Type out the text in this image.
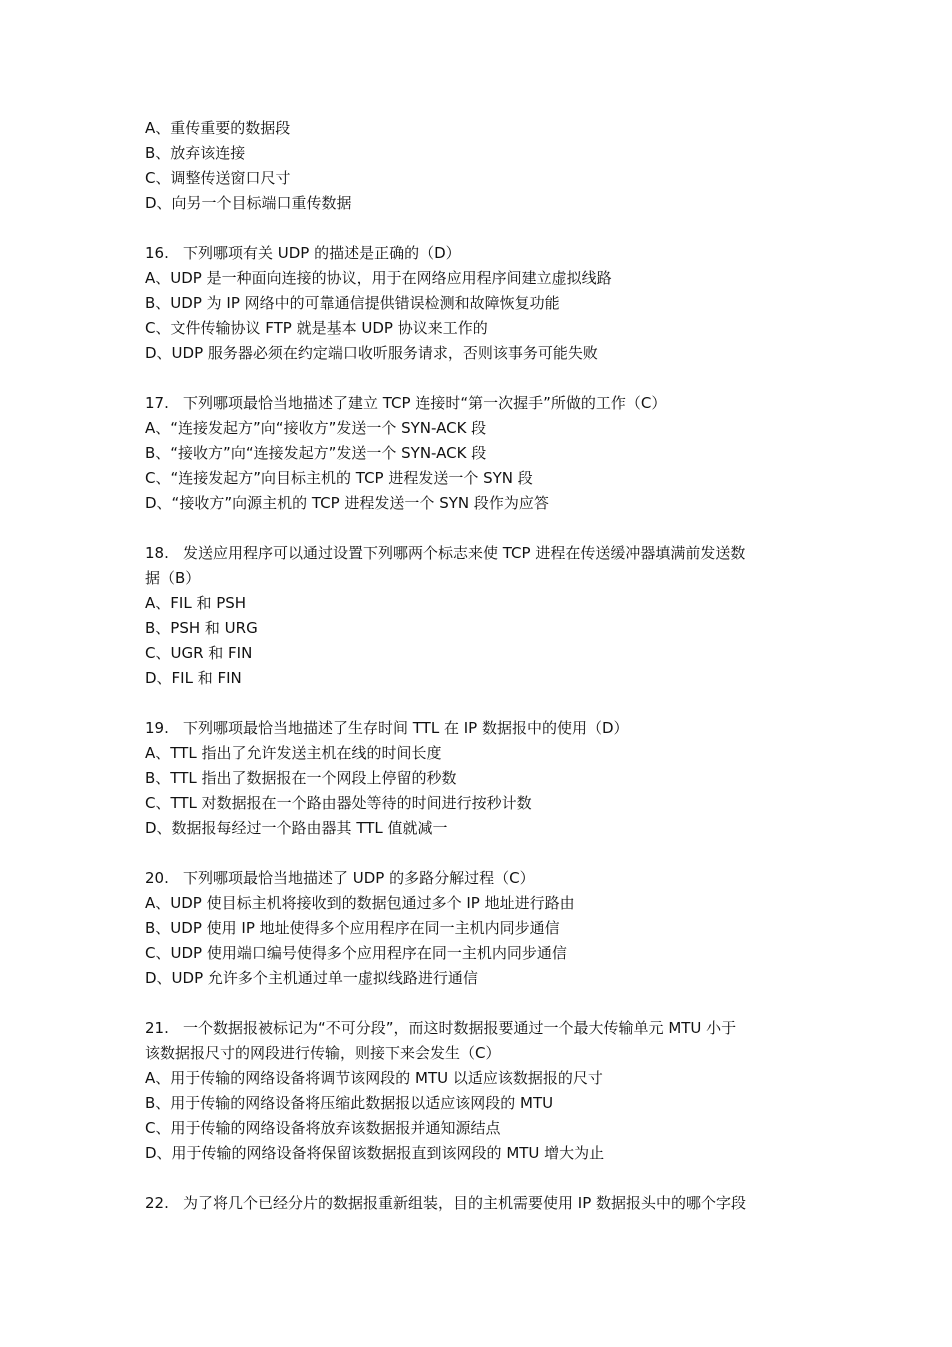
A、重传重要的数据段
B、放弃该连接
C、调整传送窗口尺寸
D、向另一个目标端口重传数据
16. 下列哪项有关 UDP 的描述是正确的（D）
A、UDP 是一种面向连接的协议，用于在网络应用程序间建立虚拟线路
B、UDP 为 IP 网络中的可靠通信提供错误检测和故障恢复功能
C、文件传输协议 FTP 就是基本 UDP 协议来工作的
D、UDP 服务器必须在约定端口收听服务请求，否则该事务可能失败
17. 下列哪项最恰当地描述了建立 TCP 连接时“第一次握手”所做的工作（C）
A、“连接发起方”向“接收方”发送一个 SYN-ACK 段
B、“接收方”向“连接发起方”发送一个 SYN-ACK 段
C、“连接发起方”向目标主机的 TCP 进程发送一个 SYN 段
D、“接收方”向源主机的 TCP 进程发送一个 SYN 段作为应答
18. 发送应用程序可以通过设置下列哪两个标志来使 TCP 进程在传送缓冲器填满前发送数
据（B）
A、FIL 和 PSH
B、PSH 和 URG
C、UGR 和 FIN
D、FIL 和 FIN
19. 下列哪项最恰当地描述了生存时间 TTL 在 IP 数据报中的使用（D）
A、TTL 指出了允许发送主机在线的时间长度
B、TTL 指出了数据报在一个网段上停留的秒数
C、TTL 对数据报在一个路由器处等待的时间进行按秒计数
D、数据报每经过一个路由器其 TTL 值就减一
20. 下列哪项最恰当地描述了 UDP 的多路分解过程（C）
A、UDP 使目标主机将接收到的数据包通过多个 IP 地址进行路由
B、UDP 使用 IP 地址使得多个应用程序在同一主机内同步通信
C、UDP 使用端口编号使得多个应用程序在同一主机内同步通信
D、UDP 允许多个主机通过单一虚拟线路进行通信
21. 一个数据报被标记为“不可分段”，而这时数据报要通过一个最大传输单元 MTU 小于
该数据报尺寸的网段进行传输，则接下来会发生（C）
A、用于传输的网络设备将调节该网段的 MTU 以适应该数据报的尺寸
B、用于传输的网络设备将压缩此数据报以适应该网段的 MTU
C、用于传输的网络设备将放弃该数据报并通知源结点
D、用于传输的网络设备将保留该数据报直到该网段的 MTU 增大为止
22. 为了将几个已经分片的数据报重新组装，目的主机需要使用 IP 数据报头中的哪个字段
